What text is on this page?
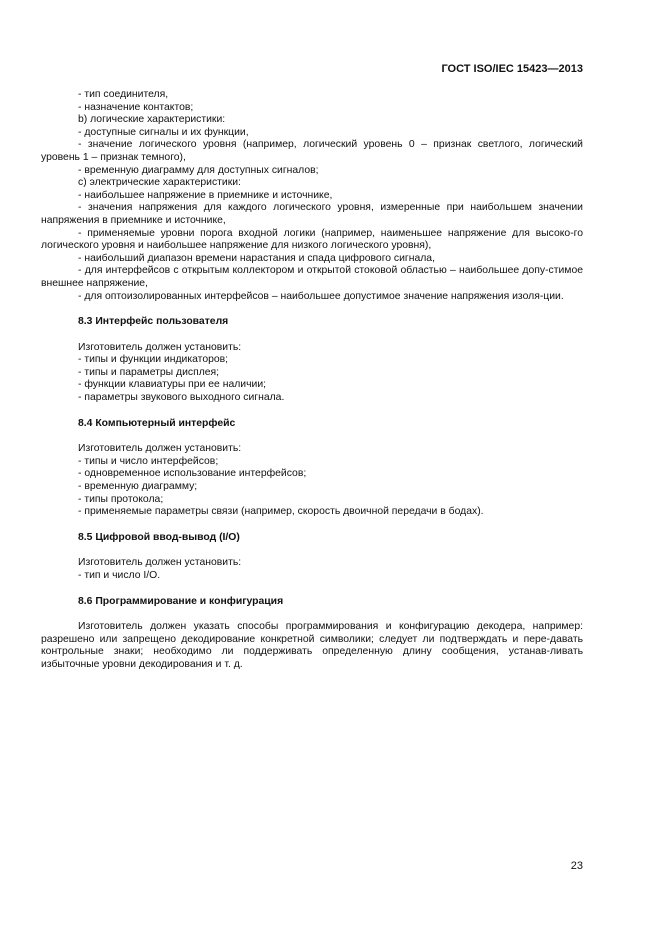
ГОСТ ISO/IEC 15423—2013
- тип соединителя,
- назначение контактов;
b) логические характеристики:
- доступные сигналы и их функции,
- значение логического уровня (например, логический уровень 0 – признак светлого, логический уровень 1 – признак темного),
- временную диаграмму для доступных сигналов;
с) электрические характеристики:
- наибольшее напряжение в приемнике и источнике,
- значения напряжения для каждого логического уровня, измеренные при наибольшем значении напряжения в приемнике и источнике,
- применяемые уровни порога входной логики (например, наименьшее напряжение для высоко-го логического уровня и наибольшее напряжение для низкого логического уровня),
- наибольший диапазон времени нарастания и спада цифрового сигнала,
- для интерфейсов с открытым коллектором и открытой стоковой областью – наибольшее допу-стимое внешнее напряжение,
- для оптоизолированных интерфейсов – наибольшее допустимое значение напряжения изоля-ции.
8.3 Интерфейс пользователя
Изготовитель должен установить:
- типы и функции индикаторов;
- типы и параметры дисплея;
- функции клавиатуры при ее наличии;
- параметры звукового выходного сигнала.
8.4 Компьютерный интерфейс
Изготовитель должен установить:
- типы и число интерфейсов;
- одновременное использование интерфейсов;
- временную диаграмму;
- типы протокола;
- применяемые параметры связи (например, скорость двоичной передачи в бодах).
8.5 Цифровой ввод-вывод (I/O)
Изготовитель должен установить:
- тип и число I/O.
8.6 Программирование и конфигурация
Изготовитель должен указать способы программирования и конфигурацию декодера, например: разрешено или запрещено декодирование конкретной символики; следует ли подтверждать и пере-давать контрольные знаки; необходимо ли поддерживать определенную длину сообщения, устанав-ливать избыточные уровни декодирования и т. д.
23
